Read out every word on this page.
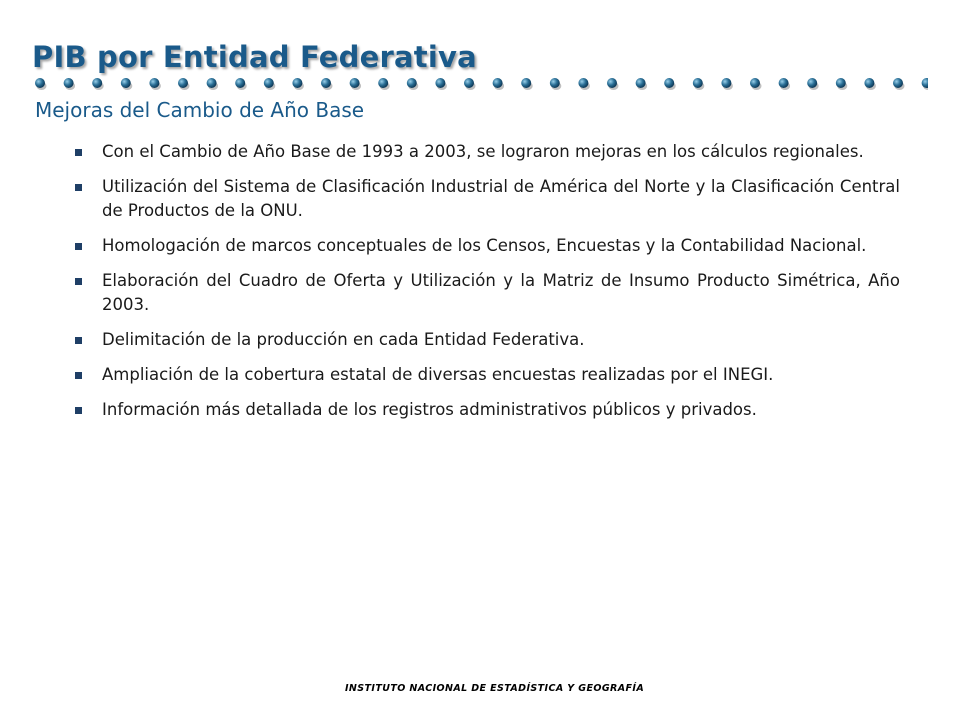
PIB por Entidad Federativa
Mejoras del Cambio de Año Base
Con el Cambio de Año Base de 1993 a 2003, se lograron mejoras en los cálculos regionales.
Utilización del Sistema de Clasificación Industrial de América del Norte y la Clasificación Central de Productos de la ONU.
Homologación de marcos conceptuales de los Censos, Encuestas y la Contabilidad Nacional.
Elaboración del Cuadro de Oferta y Utilización y la Matriz de Insumo Producto Simétrica, Año 2003.
Delimitación de la producción en cada Entidad Federativa.
Ampliación de la cobertura estatal de diversas encuestas realizadas por el INEGI.
Información más detallada de los registros administrativos públicos y privados.
INSTITUTO NACIONAL DE ESTADÍSTICA Y GEOGRAFÍA
